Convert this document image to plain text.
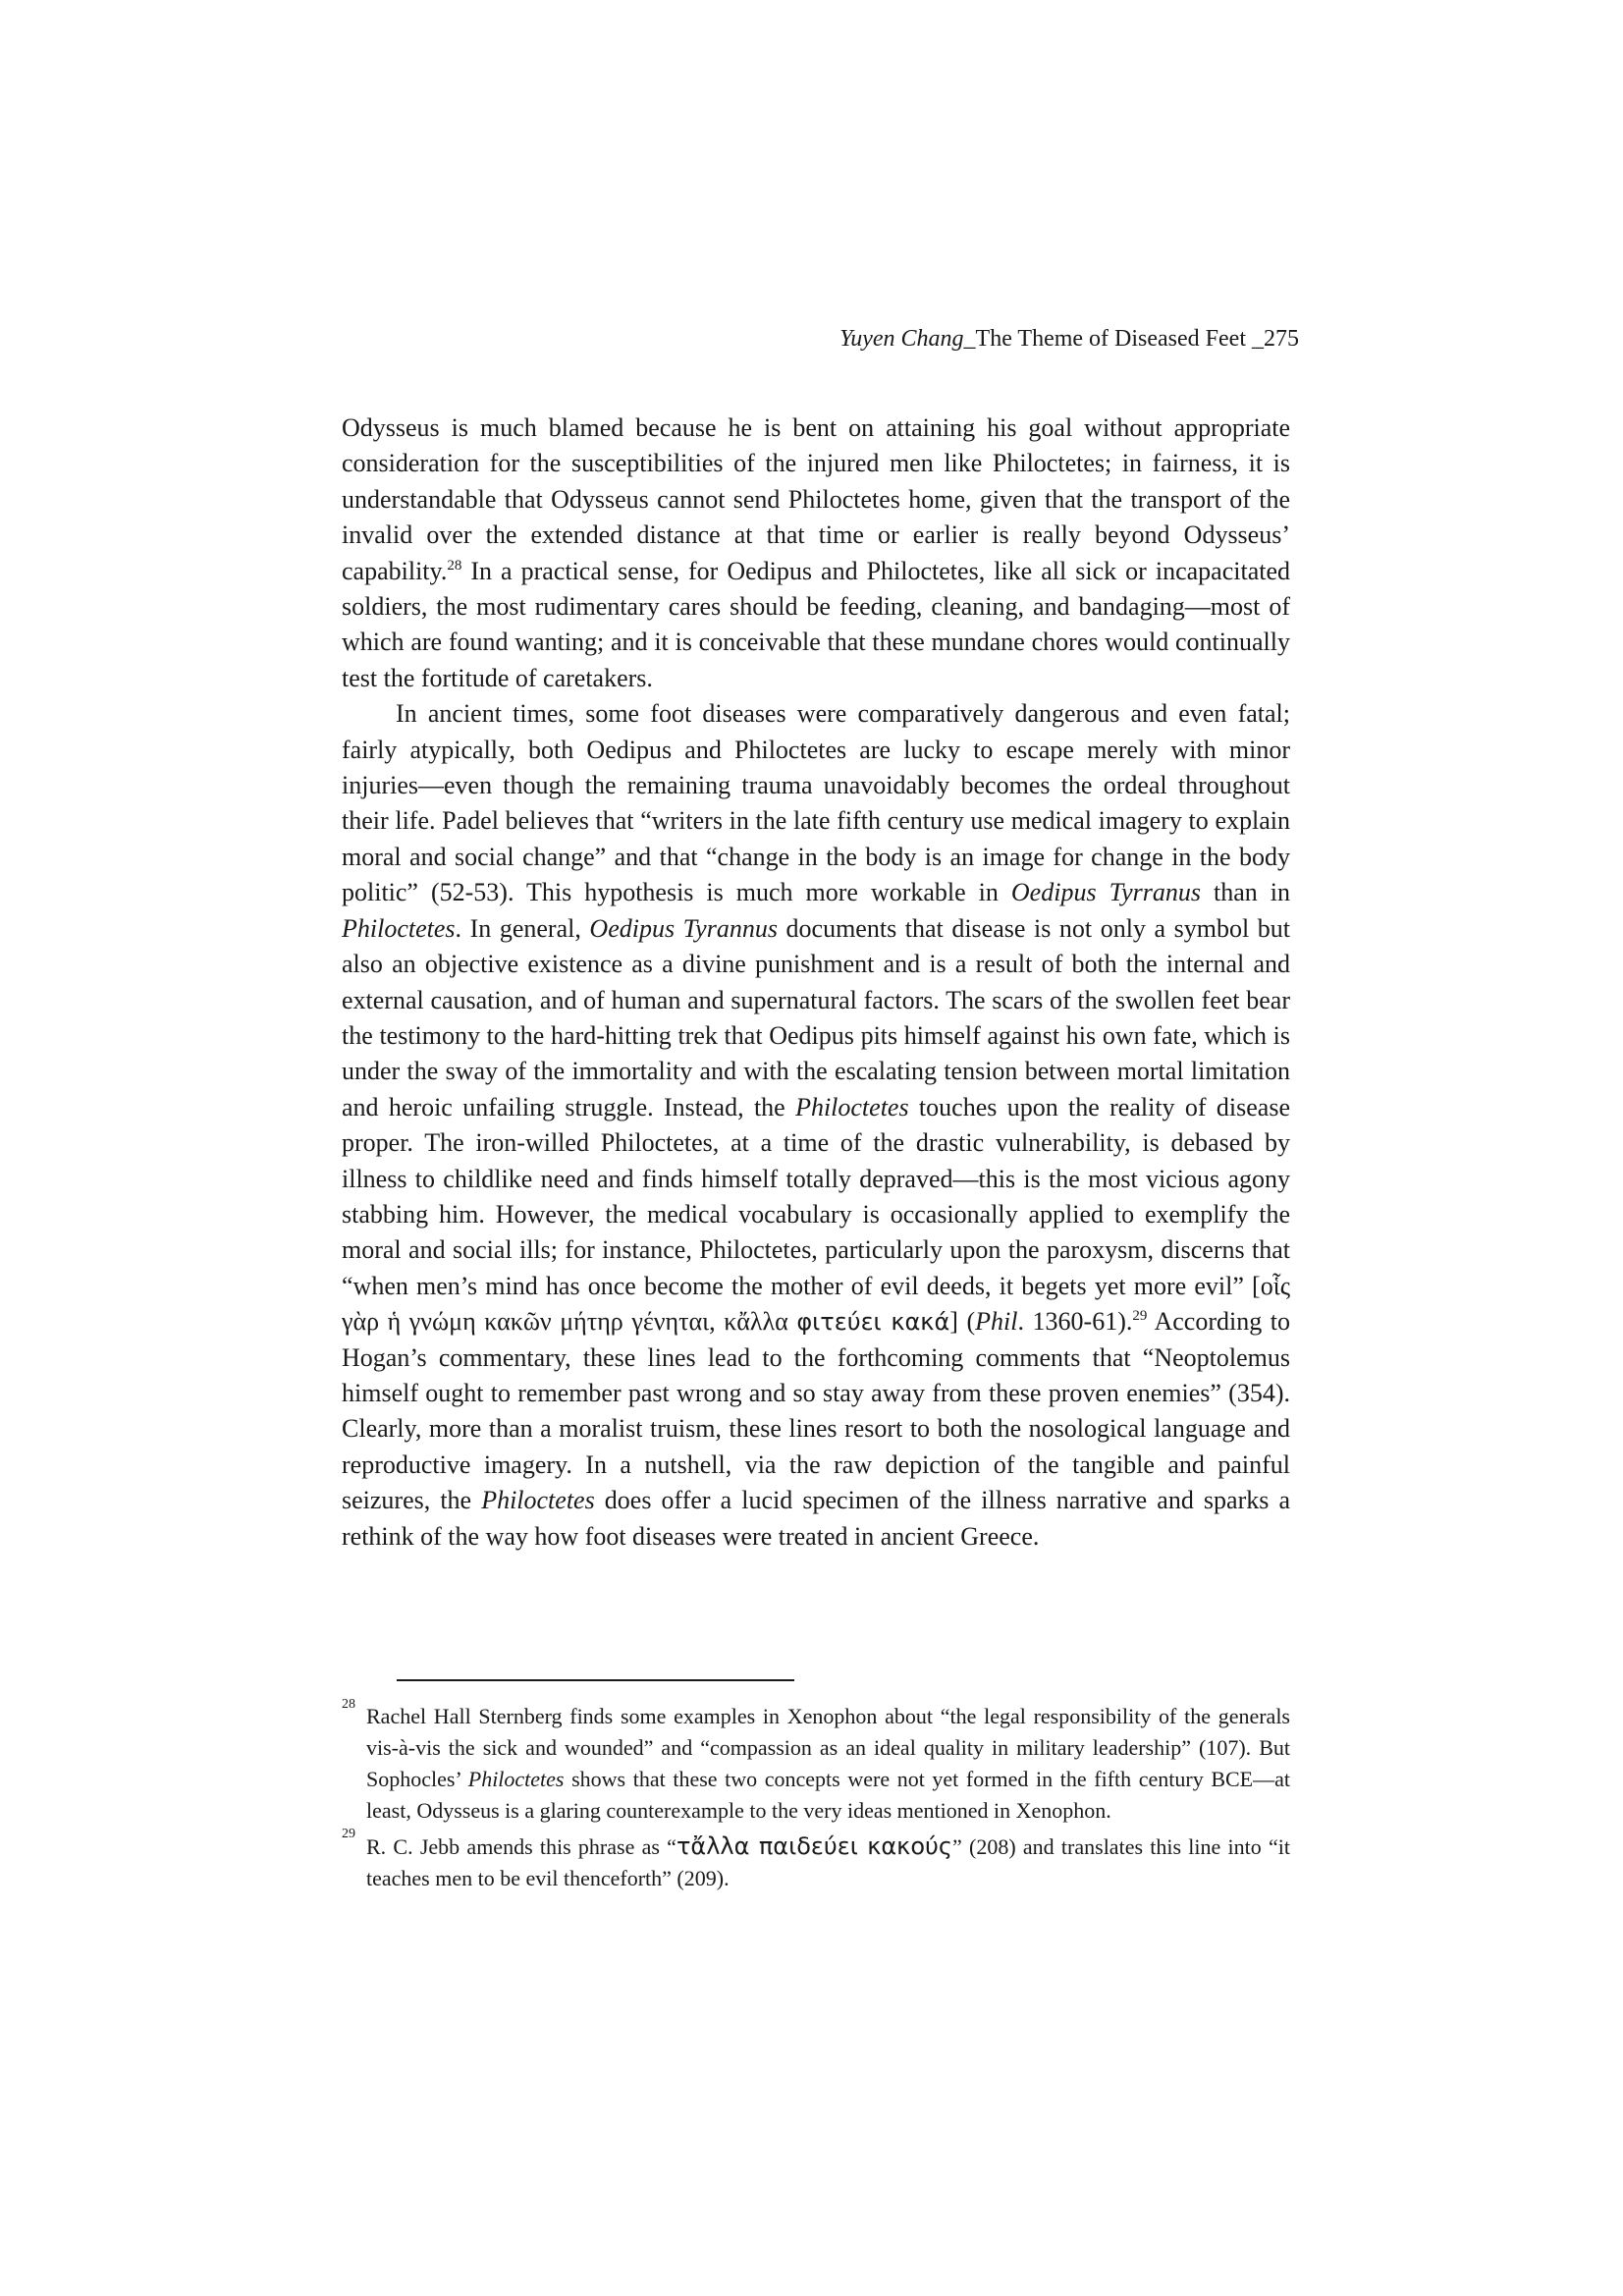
Yuyen Chang_The Theme of Diseased Feet _275

Odysseus is much blamed because he is bent on attaining his goal without appropriate consideration for the susceptibilities of the injured men like Philoctetes; in fairness, it is understandable that Odysseus cannot send Philoctetes home, given that the transport of the invalid over the extended distance at that time or earlier is really beyond Odysseus’ capability.$^{28}$ In a practical sense, for Oedipus and Philoctetes, like all sick or incapacitated soldiers, the most rudimentary cares should be feeding, cleaning, and bandaging—most of which are found wanting; and it is conceivable that these mundane chores would continually test the fortitude of caretakers.

In ancient times, some foot diseases were comparatively dangerous and even fatal; fairly atypically, both Oedipus and Philoctetes are lucky to escape merely with minor injuries—even though the remaining trauma unavoidably becomes the ordeal throughout their life. Padel believes that “writers in the late fifth century use medical imagery to explain moral and social change” and that “change in the body is an image for change in the body politic” (52-53). This hypothesis is much more workable in Oedipus Tyrranus than in Philoctetes. In general, Oedipus Tyrannus documents that disease is not only a symbol but also an objective existence as a divine punishment and is a result of both the internal and external causation, and of human and supernatural factors. The scars of the swollen feet bear the testimony to the hard-hitting trek that Oedipus pits himself against his own fate, which is under the sway of the immortality and with the escalating tension between mortal limitation and heroic unfailing struggle. Instead, the Philoctetes touches upon the reality of disease proper. The iron-willed Philoctetes, at a time of the drastic vulnerability, is debased by illness to childlike need and finds himself totally depraved—this is the most vicious agony stabbing him. However, the medical vocabulary is occasionally applied to exemplify the moral and social ills; for instance, Philoctetes, particularly upon the paroxysm, discerns that “when men’s mind has once become the mother of evil deeds, it begets yet more evil” [οἷς γὰρ ἡ γνώμη κακῶν μήτηρ γένηται, κἄλλα φιτεύει κακά] (Phil. 1360-61).$^{29}$ According to Hogan’s commentary, these lines lead to the forthcoming comments that “Neoptolemus himself ought to remember past wrong and so stay away from these proven enemies” (354). Clearly, more than a moralist truism, these lines resort to both the nosological language and reproductive imagery. In a nutshell, via the raw depiction of the tangible and painful seizures, the Philoctetes does offer a lucid specimen of the illness narrative and sparks a rethink of the way how foot diseases were treated in ancient Greece.

28 Rachel Hall Sternberg finds some examples in Xenophon about “the legal responsibility of the generals vis-à-vis the sick and wounded” and “compassion as an ideal quality in military leadership” (107). But Sophocles’ Philoctetes shows that these two concepts were not yet formed in the fifth century BCE—at least, Odysseus is a glaring counterexample to the very ideas mentioned in Xenophon.
29
R. C. Jebb amends this phrase as “τἄλλα παιδεύει κακούς” (208) and translates this line into “it teaches men to be evil thenceforth” (209).
